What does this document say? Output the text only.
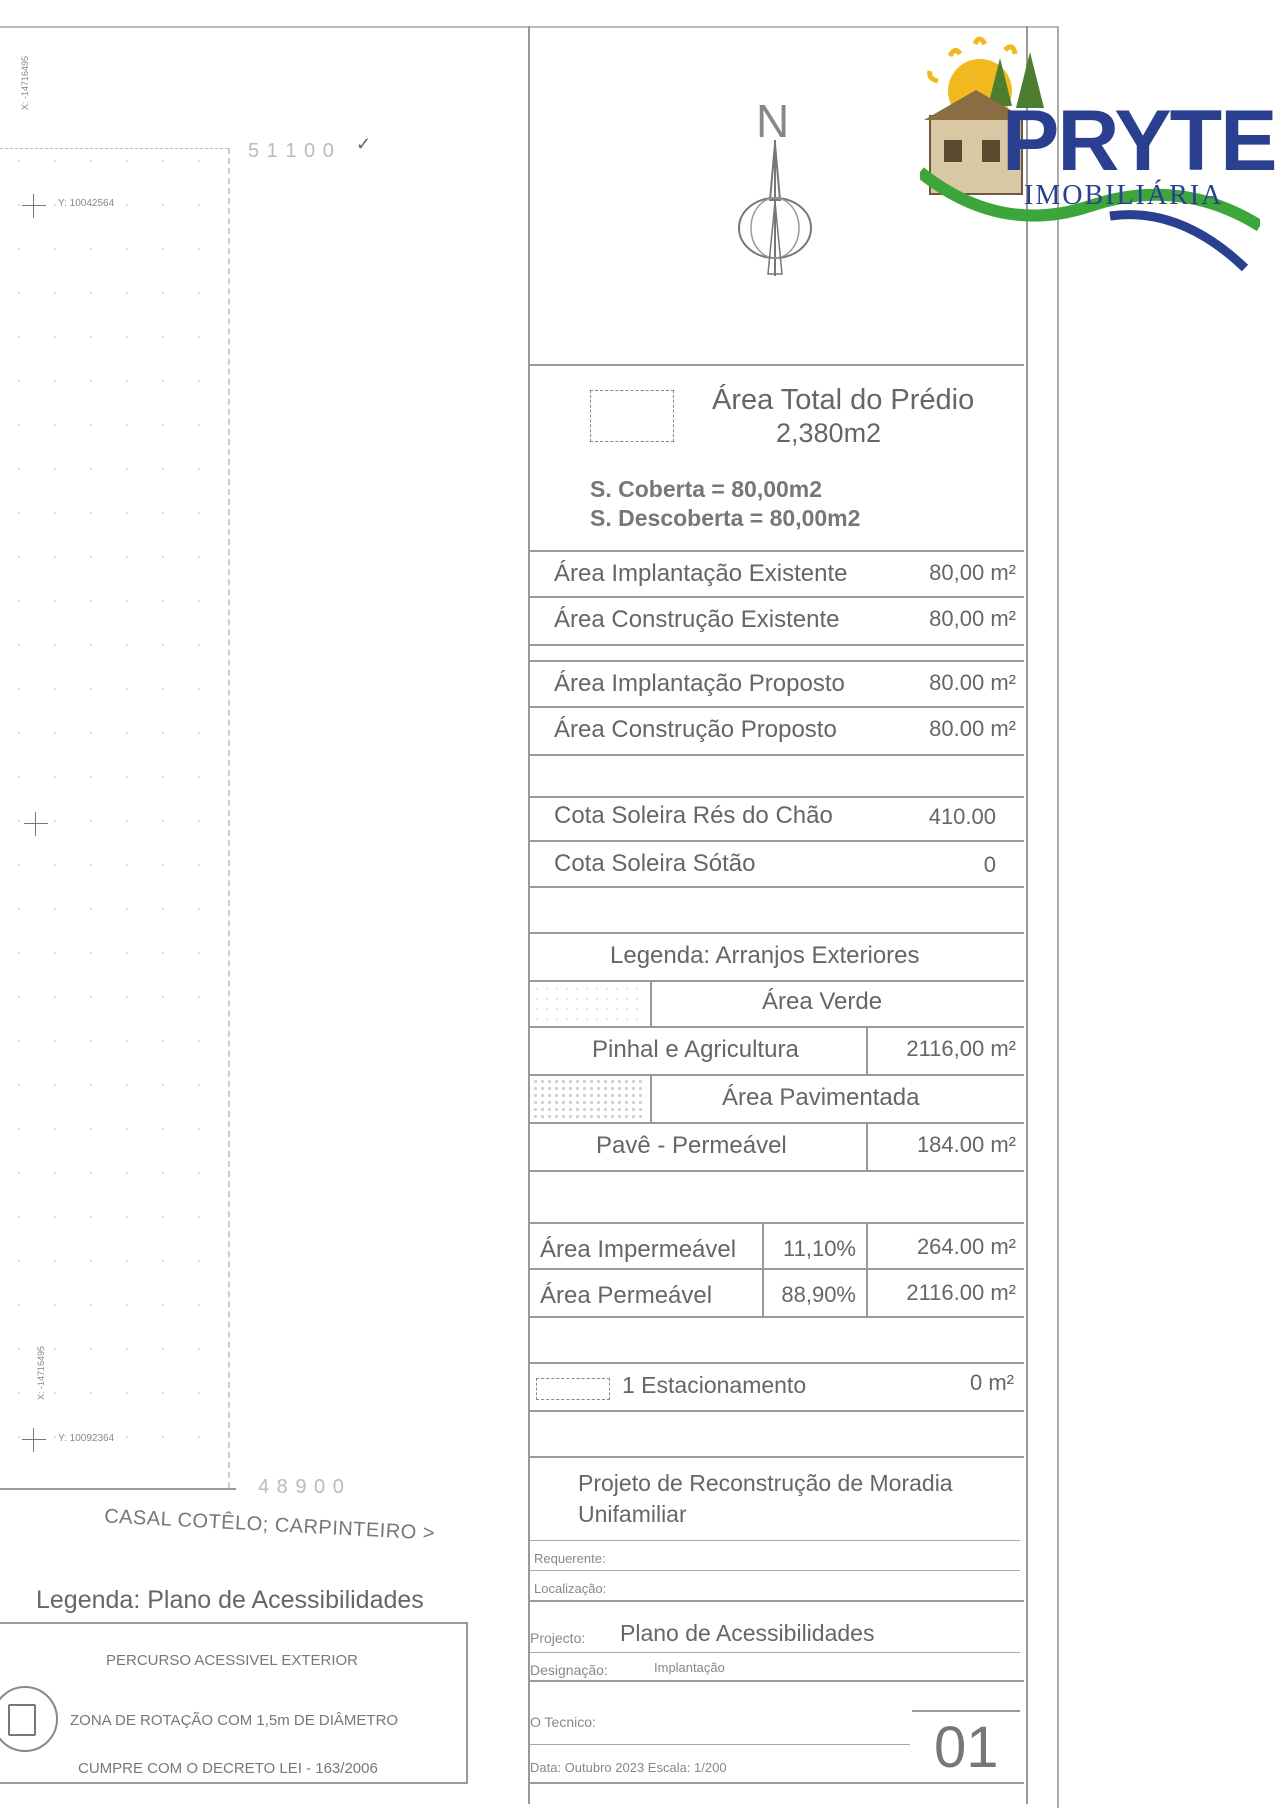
X: -14716495
Y: 10042564
X: -14716495
Y: 10092364
5 1 1 0 0 ✓
4 8 9 0 0
CASAL COTÊLO; CARPINTEIRO >
Legenda: Plano de Acessibilidades
PERCURSO ACESSIVEL EXTERIOR
ZONA DE ROTAÇÃO COM 1,5m DE DIÂMETRO
CUMPRE COM O DECRETO LEI - 163/2006
N PRYTE
IMOBILIÁRIA
Área Total do Prédio
2,380m2
S. Coberta = 80,00m2
S. Descoberta = 80,00m2
Área Implantação Existente	80,00 m²
Área Construção Existente	80,00 m²
Área Implantação Proposto	80.00 m²
Área Construção Proposto	80.00 m²
Cota Soleira Rés do Chão	410.00
Cota Soleira Sótão	0
Legenda: Arranjos Exteriores
Área Verde
Pinhal e Agricultura	2116,00 m²
Área Pavimentada
Pavê - Permeável	184.00 m²
Área Impermeável 11,10%	264.00 m²
Área Permeável	88,90% 2116.00 m²
1 Estacionamento	0 m²
Projeto de Reconstrução de Moradia Unifamiliar
Requerente:
Localização:
Projecto: Plano de Acessibilidades
Designação:	Implantação
O Tecnico:	01
Data: Outubro 2023 Escala: 1/200
